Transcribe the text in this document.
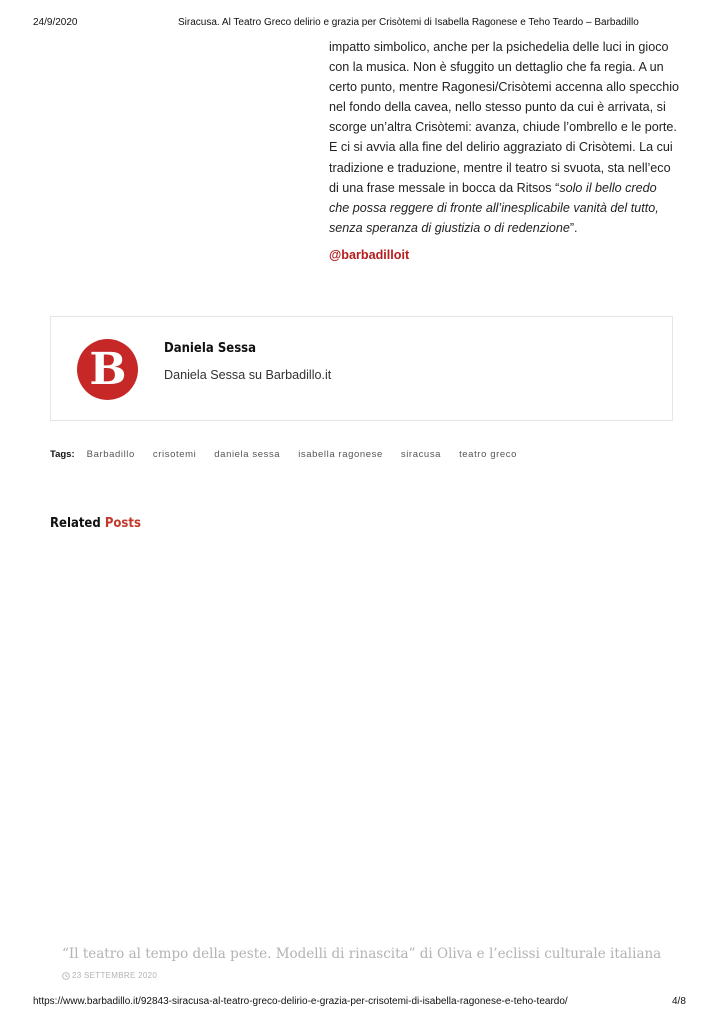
24/9/2020	Siracusa. Al Teatro Greco delirio e grazia per Crisòtemi di Isabella Ragonese e Teho Teardo – Barbadillo

impatto simbolico, anche per la psichedelia delle luci in gioco con la musica. Non è sfuggito un dettaglio che fa regia. A un certo punto, mentre Ragonesi/Crisòtemi accenna allo specchio nel fondo della cavea, nello stesso punto da cui è arrivata, si scorge un’altra Crisòtemi: avanza, chiude l’ombrello e le porte. E ci si avvia alla fine del delirio aggraziato di Crisòtemi. La cui tradizione e traduzione, mentre il teatro si svuota, sta nell’eco di una frase messale in bocca da Ritsos “solo il bello credo che possa reggere di fronte all’inesplicabile vanità del tutto, senza speranza di giustizia o di redenzione”.

@barbadilloit
B	Daniela Sessa
Daniela Sessa su Barbadillo.it
Tags: Barbadillo crisotemi daniela sessa isabella ragonese siracusa teatro greco
Related Posts
“Il teatro al tempo della peste. Modelli di rinascita” di Oliva e l’eclissi culturale italiana
23 SETTEMBRE 2020
https://www.barbadillo.it/92843-siracusa-al-teatro-greco-delirio-e-grazia-per-crisotemi-di-isabella-ragonese-e-teho-teardo/	4/8
